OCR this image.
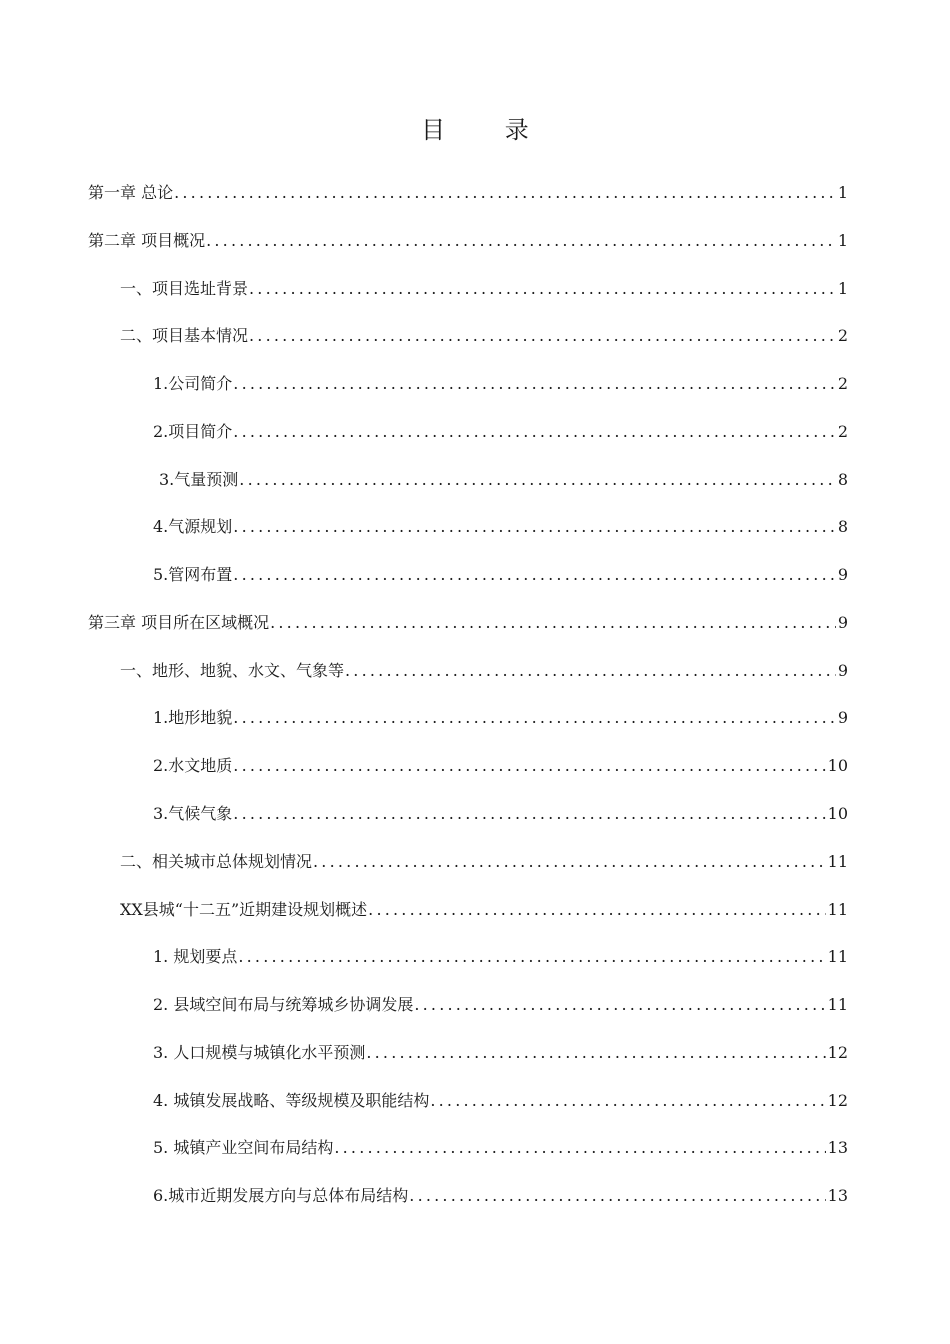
目 录
第一章 总论 .....	1
第二章 项目概况 .....	1
一、项目选址背景 .....	1
二、项目基本情况 .....	2
1.公司简介 .....	2
2.项目简介 .....	2
3.气量预测 .....	8
4.气源规划 .....	8
5.管网布置 .....	9
第三章 项目所在区域概况 .....	9
一、地形、地貌、水文、气象等 .....	9
1.地形地貌 .....	9
2.水文地质 .....	10
3.气候气象 .....	10
二、相关城市总体规划情况 .....	11
XX县城“十二五”近期建设规划概述 .....	11
1. 规划要点 .....	11
2. 县域空间布局与统筹城乡协调发展 .....	11
3. 人口规模与城镇化水平预测 .....	12
4. 城镇发展战略、等级规模及职能结构 .....	12
5. 城镇产业空间布局结构 .....	13
6.城市近期发展方向与总体布局结构 .....	13
